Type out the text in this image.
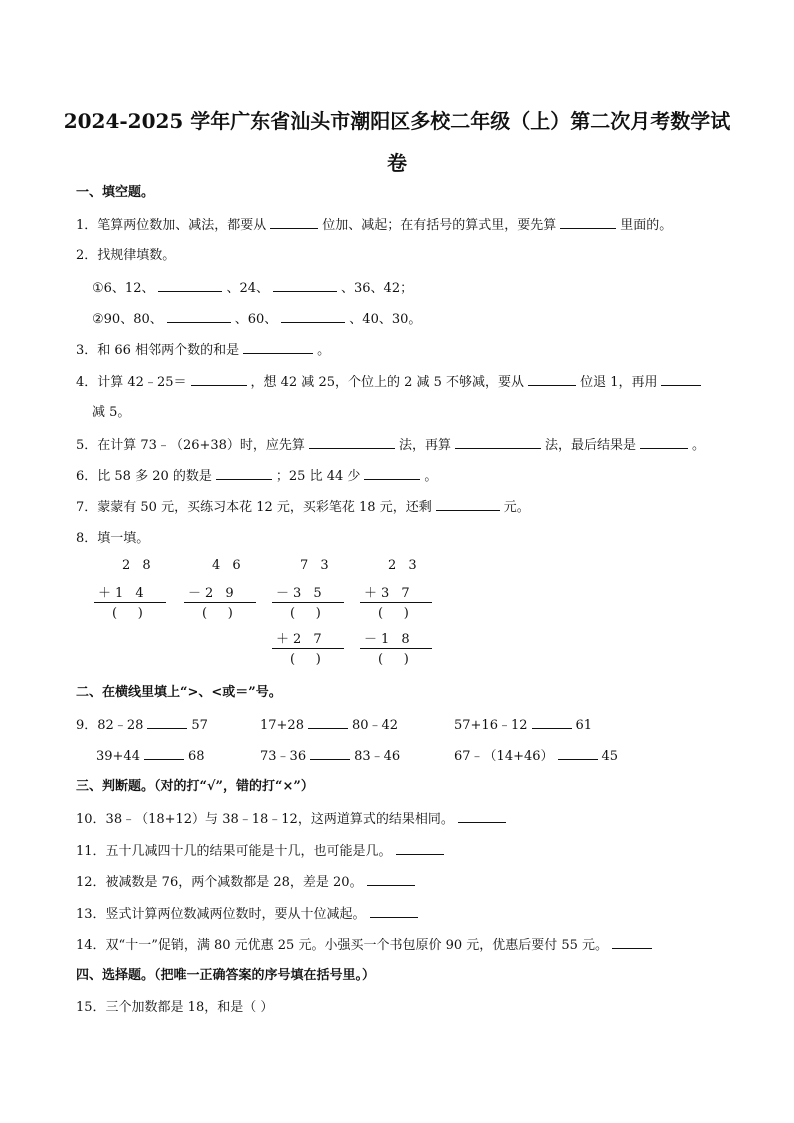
2024-2025 学年广东省汕头市潮阳区多校二年级（上）第二次月考数学试
卷
一、填空题。
1．笔算两位数加、减法，都要从	位加、减起；在有括号的算式里，要先算	里面的。
2．找规律填数。
①6、12、	、24、	、36、42；
②90、80、	、60、	、40、30。
3．和 66 相邻两个数的和是	。
4．计算 42﹣25＝	，想 42 减 25，个位上的 2 减 5 不够减，要从	位退 1，再用
减 5。
5．在计算 73﹣（26+38）时，应先算	法，再算	法，最后结果是	。
6．比 58 多 20 的数是	；25 比 44 少	。
7．蒙蒙有 50 元，买练习本花 12 元，买彩笔花 18 元，还剩	元。
8．填一填。
2 8
＋1 4
(     )
4 6
－2 9
(     )
7 3
－3 5
(     )
＋2 7
(     )
2 3
＋3 7
(     )
－1 8
(     )
二、在横线里填上“>、<或＝”号。
9．82﹣28	57	17+28	80﹣42	57+16﹣12	61
39+44	68	73﹣36	83﹣46	67﹣（14+46）	45
三、判断题。（对的打“√”，错的打“×”）
10．38﹣（18+12）与 38﹣18﹣12，这两道算式的结果相同。
11．五十几减四十几的结果可能是十几，也可能是几。
12．被减数是 76，两个减数都是 28，差是 20。
13．竖式计算两位数减两位数时，要从十位减起。
14．双“十一”促销，满 80 元优惠 25 元。小强买一个书包原价 90 元，优惠后要付 55 元。
四、选择题。（把唯一正确答案的序号填在括号里。）
15．三个加数都是 18，和是（ ）
